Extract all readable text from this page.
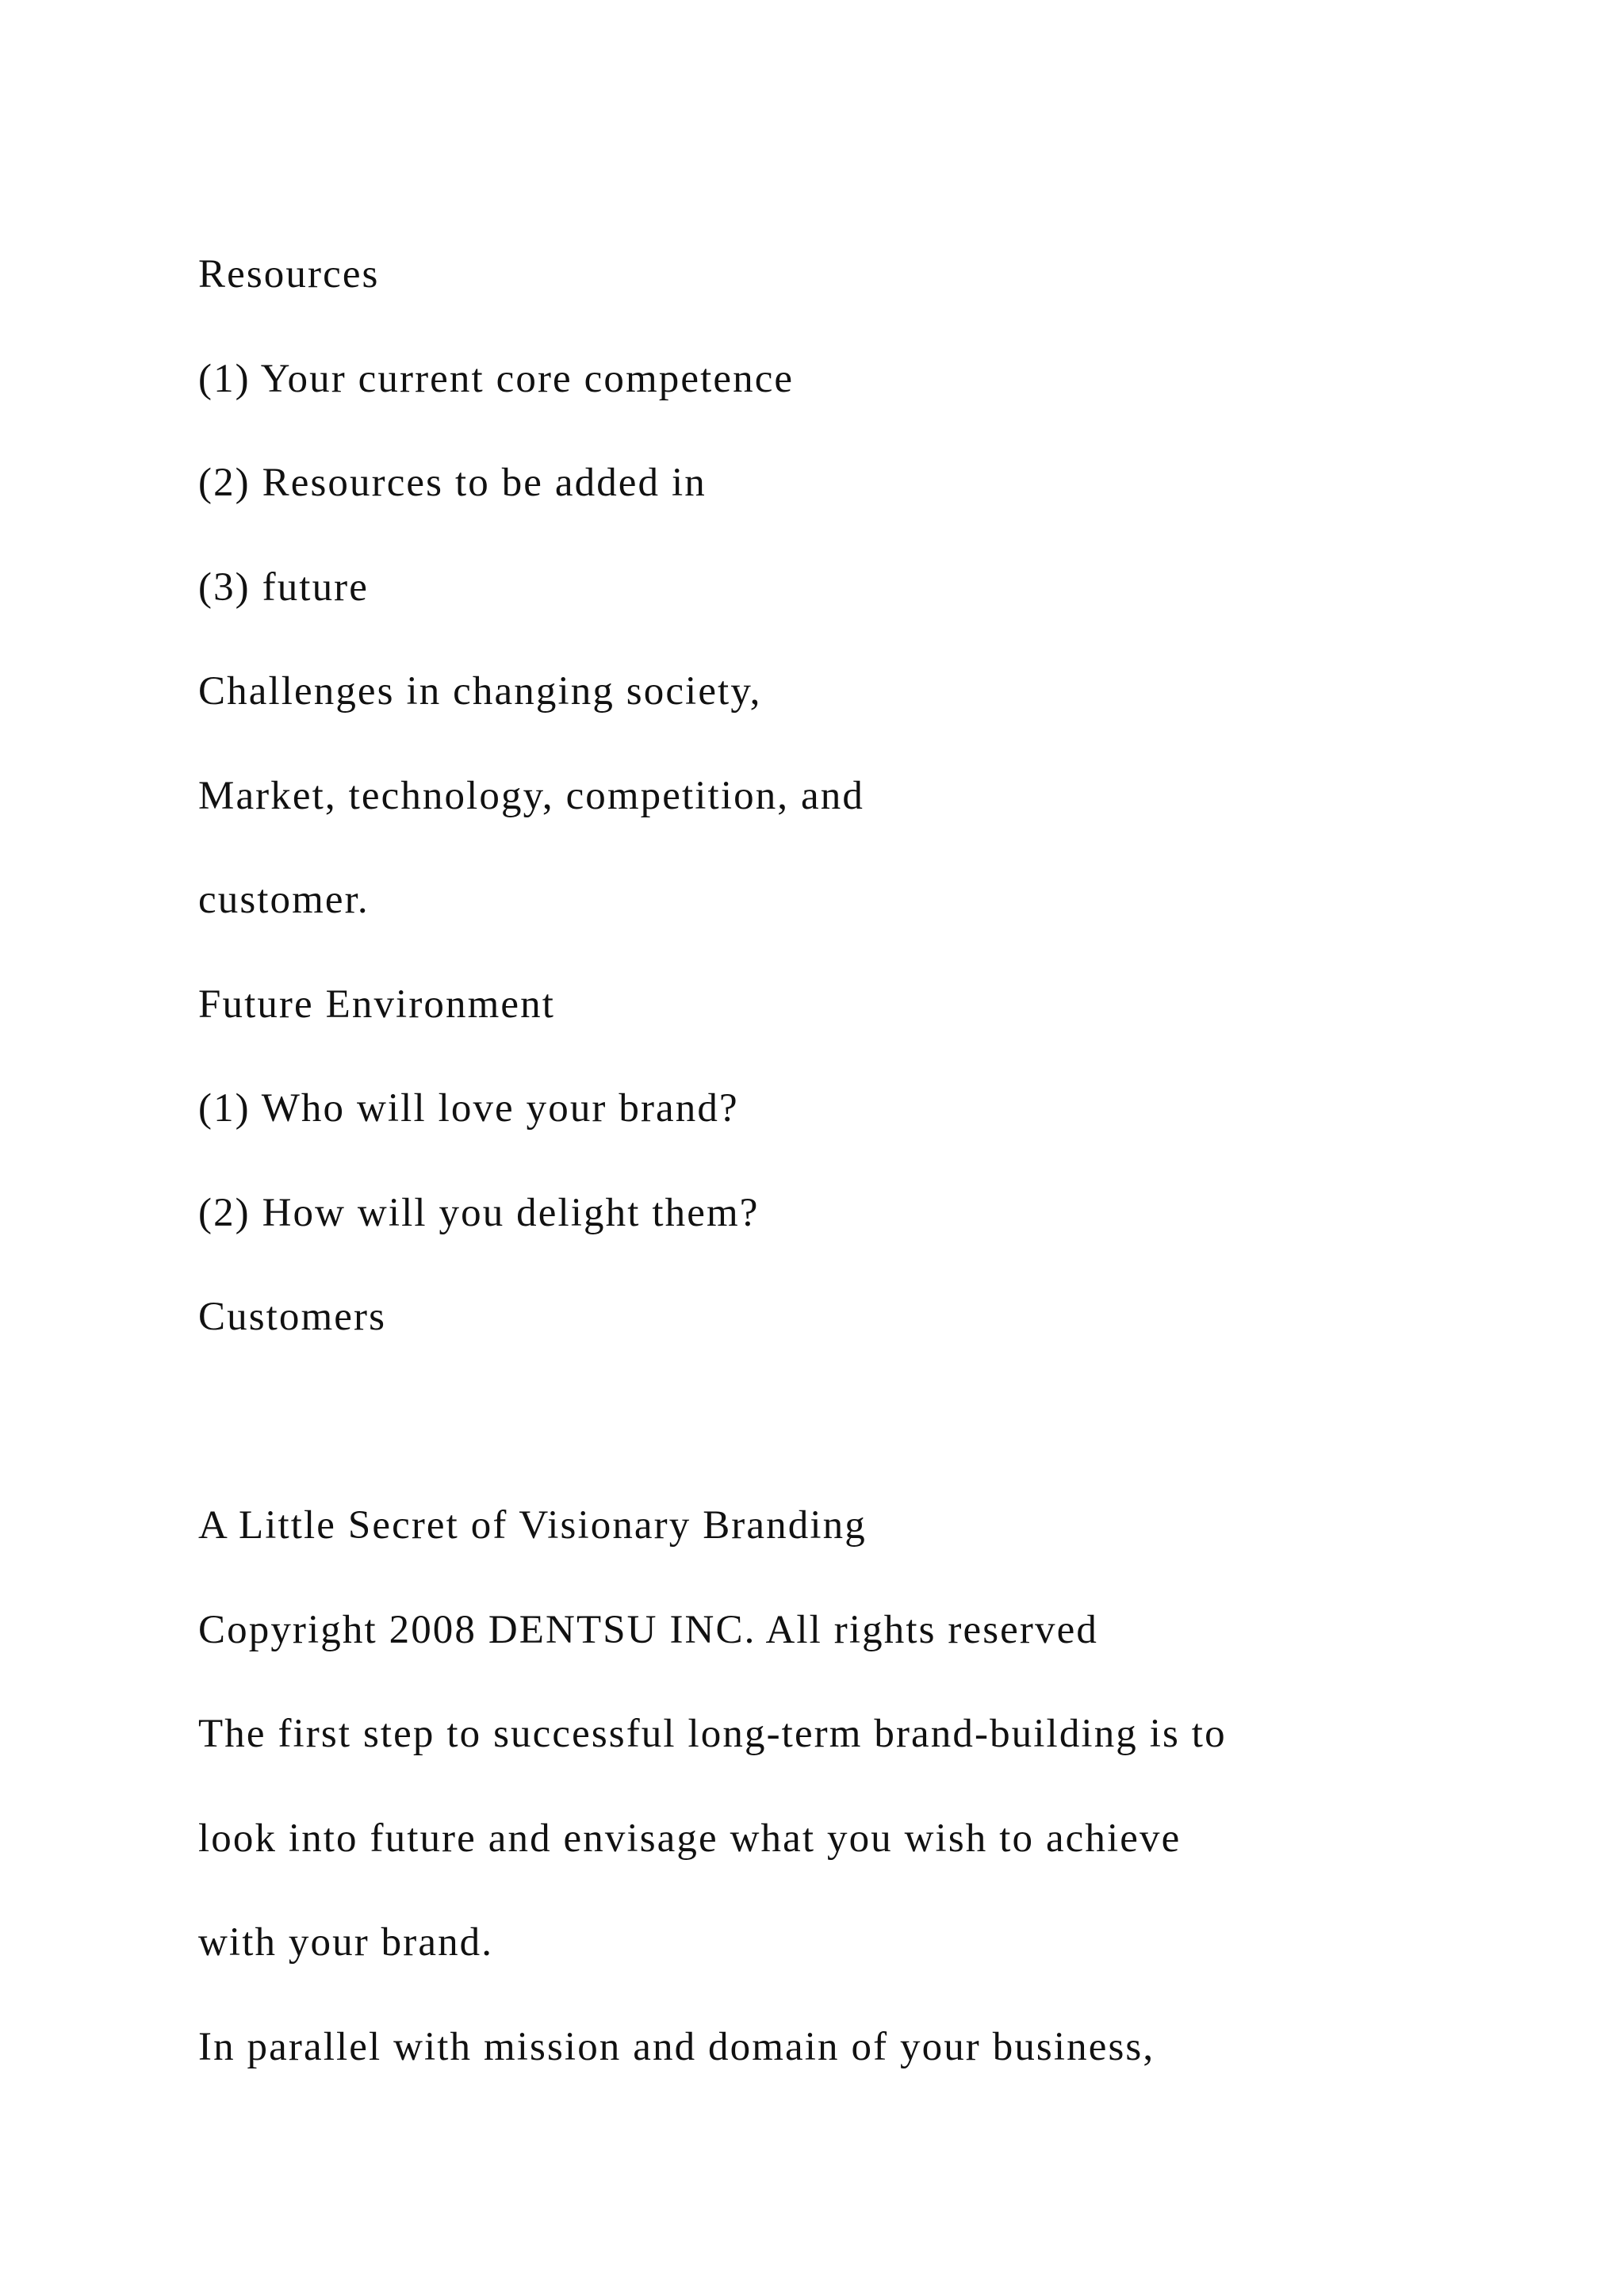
Resources

(1) Your current core competence

(2) Resources to be added in

(3) future

Challenges in changing society,

Market, technology, competition, and

customer.

Future Environment

(1) Who will love your brand?

(2) How will you delight them?

Customers

A Little Secret of Visionary Branding

Copyright 2008 DENTSU INC. All rights reserved

The first step to successful long-term brand-building is to

look into future and envisage what you wish to achieve

with your brand.

In parallel with mission and domain of your business,
